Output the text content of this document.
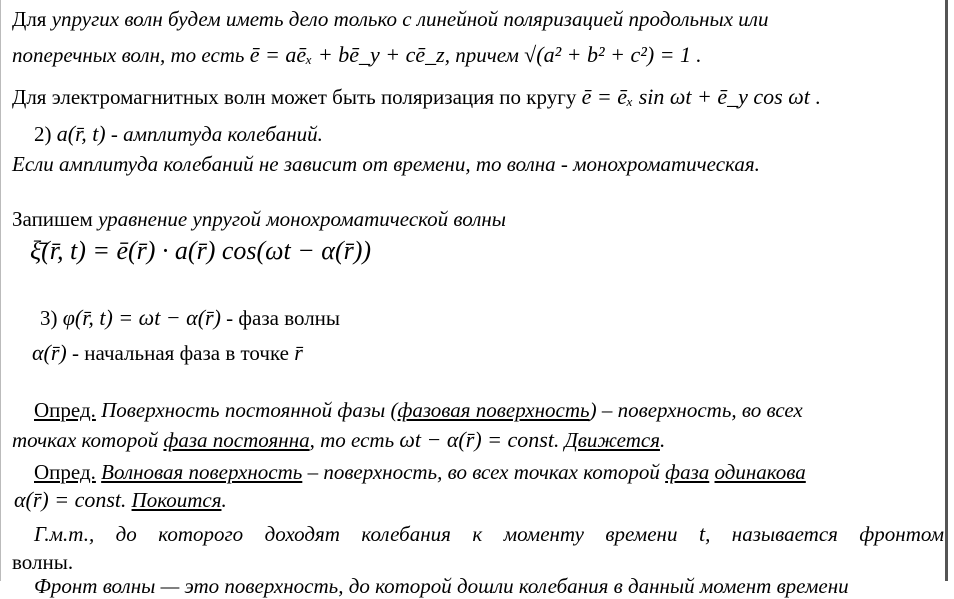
Для упругих волн будем иметь дело только с линейной поляризацией продольных или
поперечных волн, то есть ē = aēₓ + bē_y + cē_z, причем √(a² + b² + c²) = 1 .
Для электромагнитных волн может быть поляризация по кругу ē = ēₓ sin ωt + ē_y cos ωt .
2) a(r̄, t) - амплитуда колебаний.
Если амплитуда колебаний не зависит от времени, то волна - монохроматическая.
Запишем уравнение упругой монохроматической волны
ξ̄(r̄, t) = ē(r̄) · a(r̄) cos(ωt − α(r̄))
3) φ(r̄, t) = ωt − α(r̄) - фаза волны
α(r̄) - начальная фаза в точке r̄
Опред. Поверхность постоянной фазы (фазовая поверхность) – поверхность, во всех
точках которой фаза постоянна, то есть ωt − α(r̄) = const. Движется.
Опред. Волновая поверхность – поверхность, во всех точках которой фаза одинакова
α(r̄) = const. Покоится.
Г.м.т., до которого доходят колебания к моменту времени t, называется фронтом
волны.
Фронт волны — это поверхность, до которой дошли колебания в данный момент времени
